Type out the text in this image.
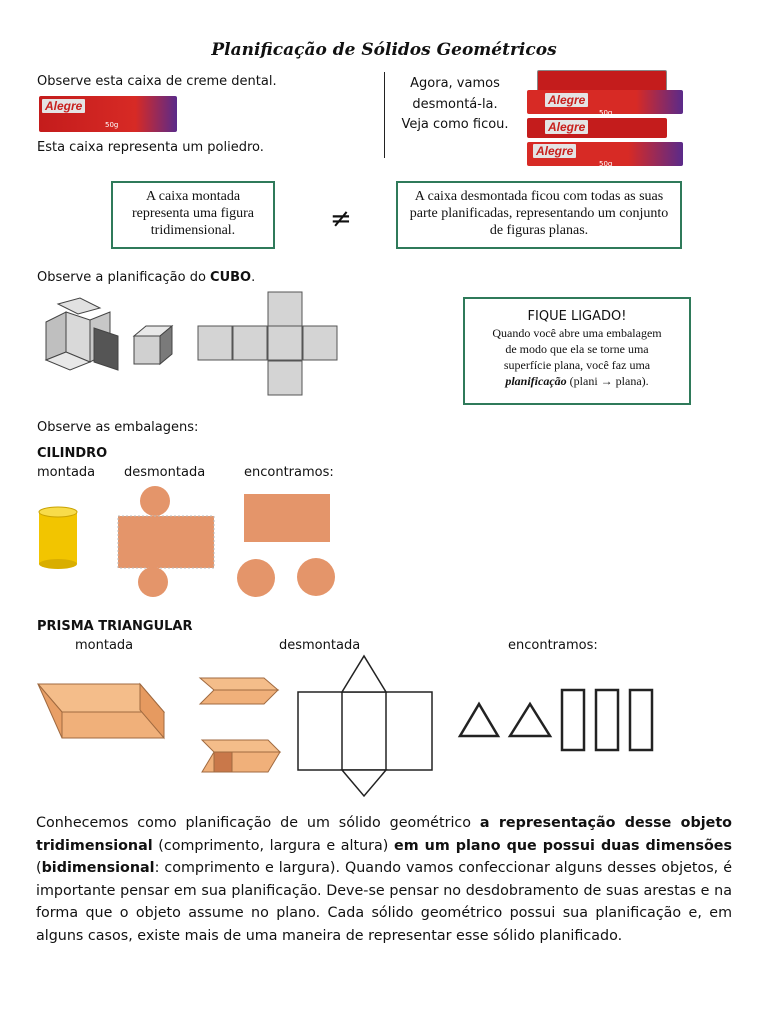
Planificação de Sólidos Geométricos
Observe esta caixa de creme dental.
Alegre
50g
Esta caixa representa um poliedro.
Agora, vamos
desmontá-la.
Veja como ficou.
Alegre
50g
Alegre
Alegre
50g
A caixa montada representa uma figura tridimensional.	≠
A caixa desmontada ficou com todas as suas parte planificadas, representando um conjunto de figuras planas.
Observe a planificação do CUBO.
FIQUE LIGADO!
Quando você abre uma embalagem
de modo que ela se torne uma
superfície plana, você faz uma
planificação (plani → plana).
Observe as embalagens:
CILINDRO
montada desmontada	encontramos:
PRISMA TRIANGULAR
montada	desmontada	encontramos:
Conhecemos como planificação de um sólido geométrico a representação desse objeto tridimensional (comprimento, largura e altura) em um plano que possui duas dimensões (bidimensional: comprimento e largura). Quando vamos confeccionar alguns desses objetos, é importante pensar em sua planificação. Deve-se pensar no desdobramento de suas arestas e na forma que o objeto assume no plano. Cada sólido geométrico possui sua planificação e, em alguns casos, existe mais de uma maneira de representar esse sólido planificado.
